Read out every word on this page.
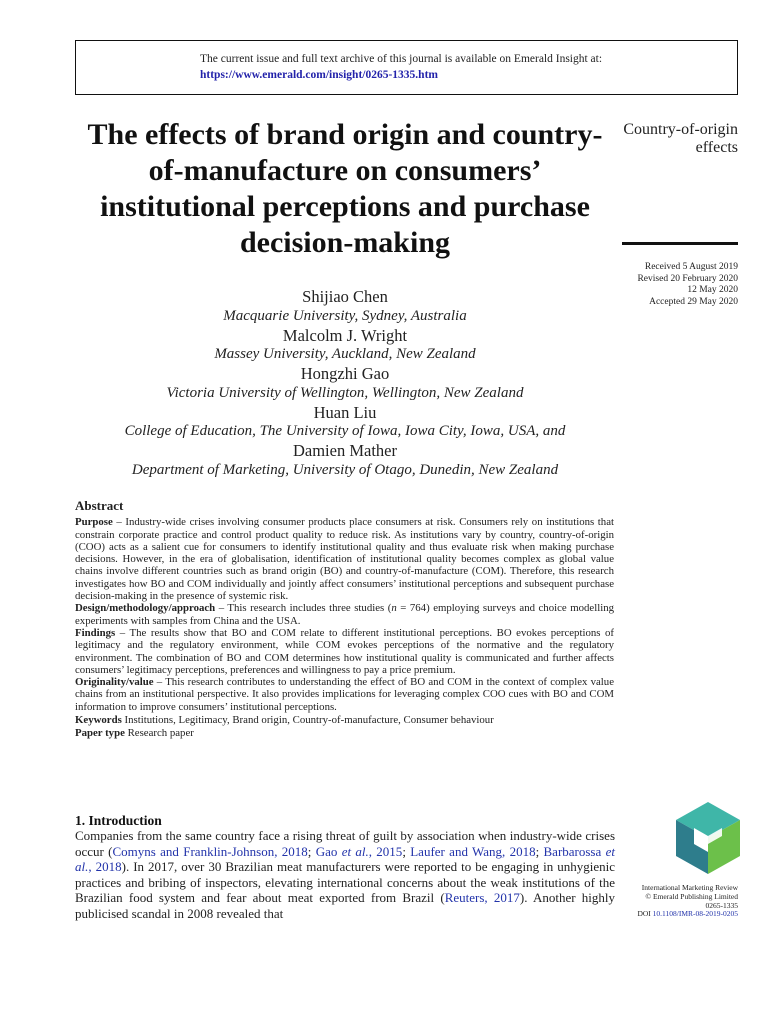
The current issue and full text archive of this journal is available on Emerald Insight at:
https://www.emerald.com/insight/0265-1335.htm
The effects of brand origin and country-of-manufacture on consumers’ institutional perceptions and purchase decision-making
Country-of-origin effects
Received 5 August 2019
Revised 20 February 2020
12 May 2020
Accepted 29 May 2020
Shijiao Chen
Macquarie University, Sydney, Australia
Malcolm J. Wright
Massey University, Auckland, New Zealand
Hongzhi Gao
Victoria University of Wellington, Wellington, New Zealand
Huan Liu
College of Education, The University of Iowa, Iowa City, Iowa, USA, and
Damien Mather
Department of Marketing, University of Otago, Dunedin, New Zealand
Abstract

Purpose – Industry-wide crises involving consumer products place consumers at risk. Consumers rely on institutions that constrain corporate practice and control product quality to reduce risk. As institutions vary by country, country-of-origin (COO) acts as a salient cue for consumers to identify institutional quality and thus evaluate risk when making purchase decisions. However, in the era of globalisation, identification of institutional quality becomes complex as global value chains involve different countries such as brand origin (BO) and country-of-manufacture (COM). Therefore, this research investigates how BO and COM individually and jointly affect consumers’ institutional perceptions and subsequent purchase decision-making in the presence of systemic risk.

Design/methodology/approach – This research includes three studies (n = 764) employing surveys and choice modelling experiments with samples from China and the USA.

Findings – The results show that BO and COM relate to different institutional perceptions. BO evokes perceptions of legitimacy and the regulatory environment, while COM evokes perceptions of the normative and the regulatory environment. The combination of BO and COM determines how institutional quality is communicated and further affects consumers’ legitimacy perceptions, preferences and willingness to pay a price premium.

Originality/value – This research contributes to understanding the effect of BO and COM in the context of complex value chains from an institutional perspective. It also provides implications for leveraging complex COO cues with BO and COM information to improve consumers’ institutional perceptions.

Keywords Institutions, Legitimacy, Brand origin, Country-of-manufacture, Consumer behaviour

Paper type Research paper

1. Introduction
Companies from the same country face a rising threat of guilt by association when industry-wide crises occur (Comyns and Franklin-Johnson, 2018; Gao et al., 2015; Laufer and Wang, 2018; Barbarossa et al., 2018). In 2017, over 30 Brazilian meat manufacturers were reported to be engaging in unhygienic practices and bribing of inspectors, elevating international concerns about the weak institutions of the Brazilian food system and fear about meat exported from Brazil (Reuters, 2017). Another highly publicised scandal in 2008 revealed that
International Marketing Review
© Emerald Publishing Limited
0265-1335
DOI 10.1108/IMR-08-2019-0205
